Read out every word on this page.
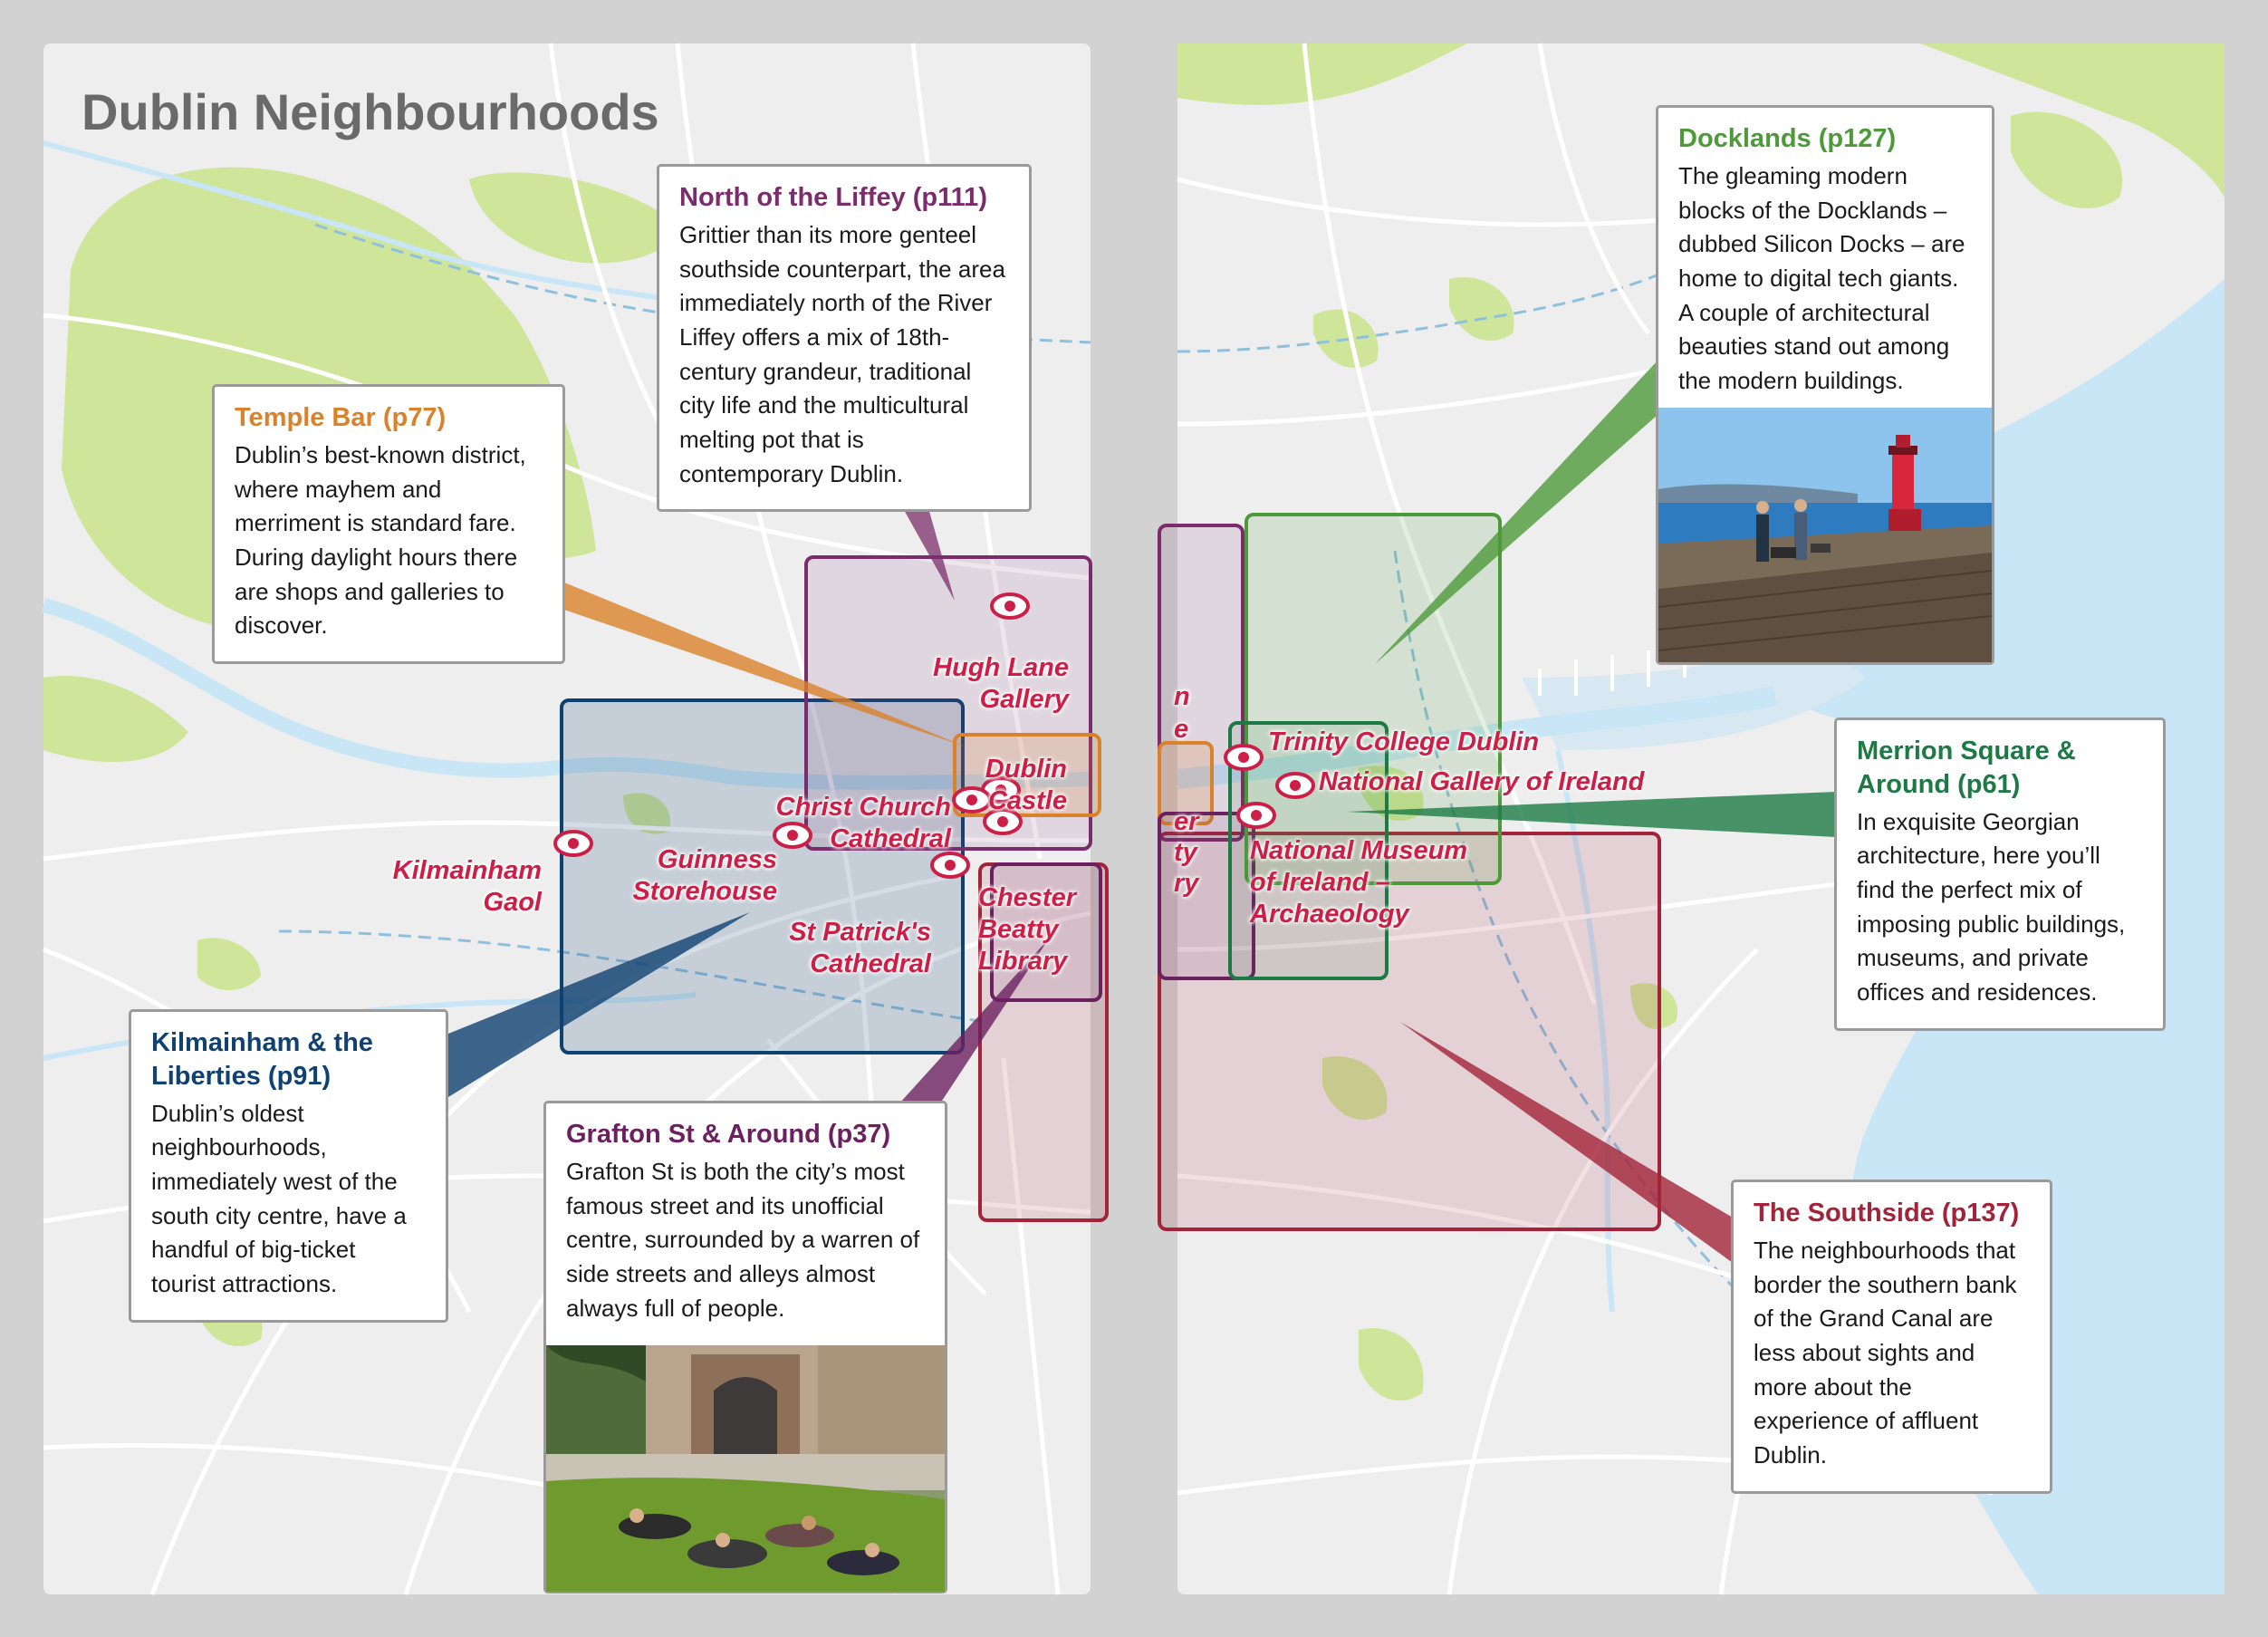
Dublin Neighbourhoods
Hugh Lane Gallery
Dublin Castle
Christ Church Cathedral
Guinness Storehouse
Kilmainham Gaol
St Patrick's Cathedral
Chester Beatty Library
North of the Liffey (p111)

Grittier than its more genteel southside counterpart, the area immediately north of the River Liffey offers a mix of 18th-century grandeur, traditional city life and the multicultural melting pot that is contemporary Dublin.

Temple Bar (p77)

Dublin’s best-known district, where mayhem and merriment is standard fare. During daylight hours there are shops and galleries to discover.

Kilmainham & the Liberties (p91)

Dublin’s oldest neighbourhoods, immediately west of the south city centre, have a handful of big-ticket tourist attractions.

Grafton St & Around (p37)

Grafton St is both the city’s most famous street and its unofficial centre, surrounded by a warren of side streets and alleys almost always full of people.

n
e
er
ty
ry
Trinity College Dublin
National Gallery of Ireland
National Museum of Ireland – Archaeology
Docklands (p127)

The gleaming modern blocks of the Docklands – dubbed Silicon Docks – are home to digital tech giants. A couple of architectural beauties stand out among the modern buildings.

Merrion Square & Around (p61)

In exquisite Georgian architecture, here you’ll find the perfect mix of imposing public buildings, museums, and private offices and residences.

The Southside (p137)

The neighbourhoods that border the southern bank of the Grand Canal are less about sights and more about the experience of affluent Dublin.
